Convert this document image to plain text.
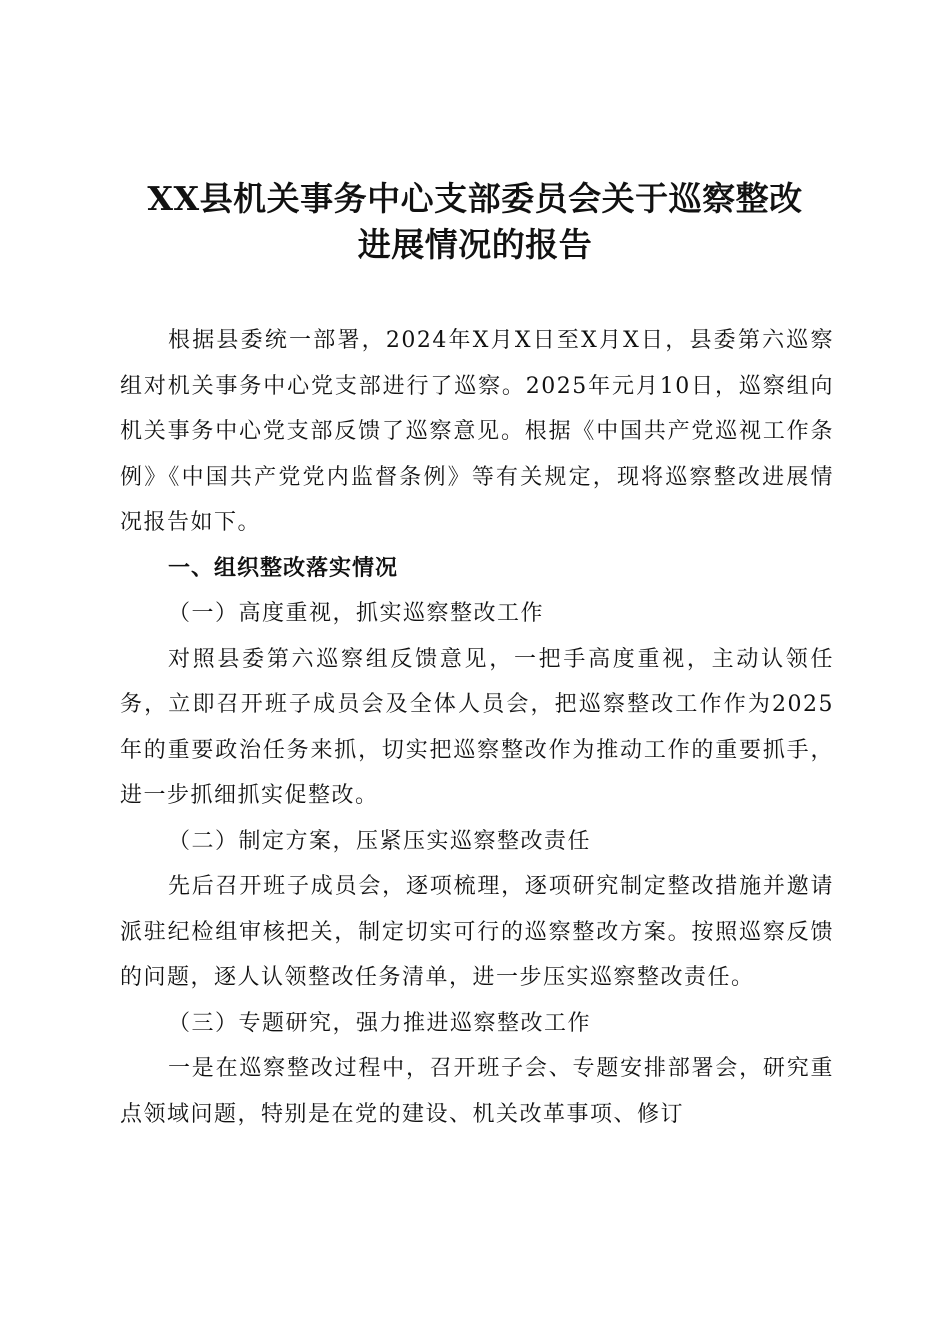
XX县机关事务中心支部委员会关于巡察整改
进展情况的报告

根据县委统一部署，2024年X月X日至X月X日，县委第六巡察组对机关事务中心党支部进行了巡察。2025年元月10日，巡察组向机关事务中心党支部反馈了巡察意见。根据《中国共产党巡视工作条例》《中国共产党党内监督条例》等有关规定，现将巡察整改进展情况报告如下。

一、组织整改落实情况

（一）高度重视，抓实巡察整改工作

对照县委第六巡察组反馈意见，一把手高度重视，主动认领任务，立即召开班子成员会及全体人员会，把巡察整改工作作为2025年的重要政治任务来抓，切实把巡察整改作为推动工作的重要抓手，进一步抓细抓实促整改。

（二）制定方案，压紧压实巡察整改责任

先后召开班子成员会，逐项梳理，逐项研究制定整改措施并邀请派驻纪检组审核把关，制定切实可行的巡察整改方案。按照巡察反馈的问题，逐人认领整改任务清单，进一步压实巡察整改责任。

（三）专题研究，强力推进巡察整改工作

一是在巡察整改过程中，召开班子会、专题安排部署会，研究重点领域问题，特别是在党的建设、机关改革事项、修订
